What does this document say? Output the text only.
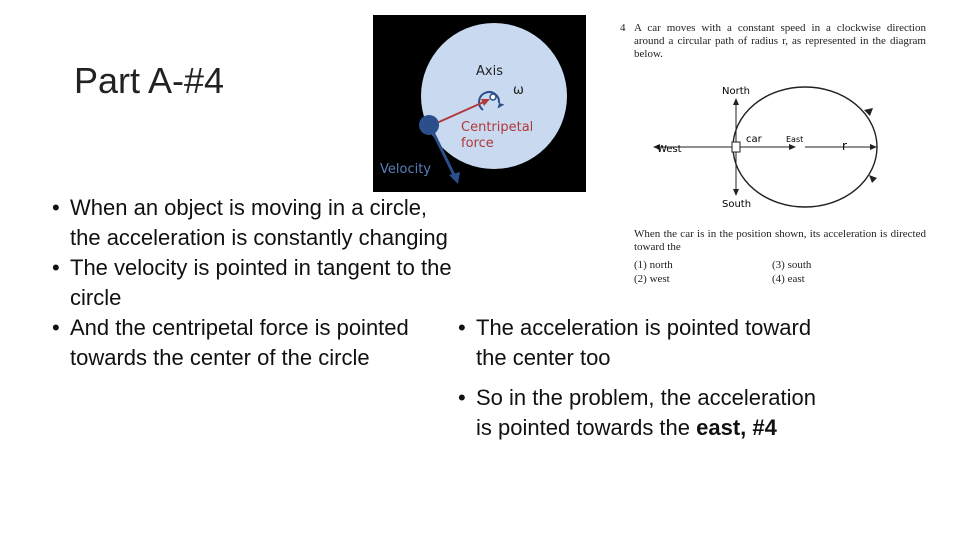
Part A-#4	Axis
ω
Centripetal
force
Velocity
4 A car moves with a constant speed in a clockwise direction around a circular path of radius r, as represented in the diagram below.
North
South
West
East
car	r
When the car is in the position shown, its acceleration is directed toward the
(1) north
(2) west
(3) south
(4) east

• When an object is moving in a circle, the acceleration is constantly changing

• The velocity is pointed in tangent to the circle

• And the centripetal force is pointed towards the center of the circle

• The acceleration is pointed toward the center too

• So in the problem, the acceleration is pointed towards the east, #4
